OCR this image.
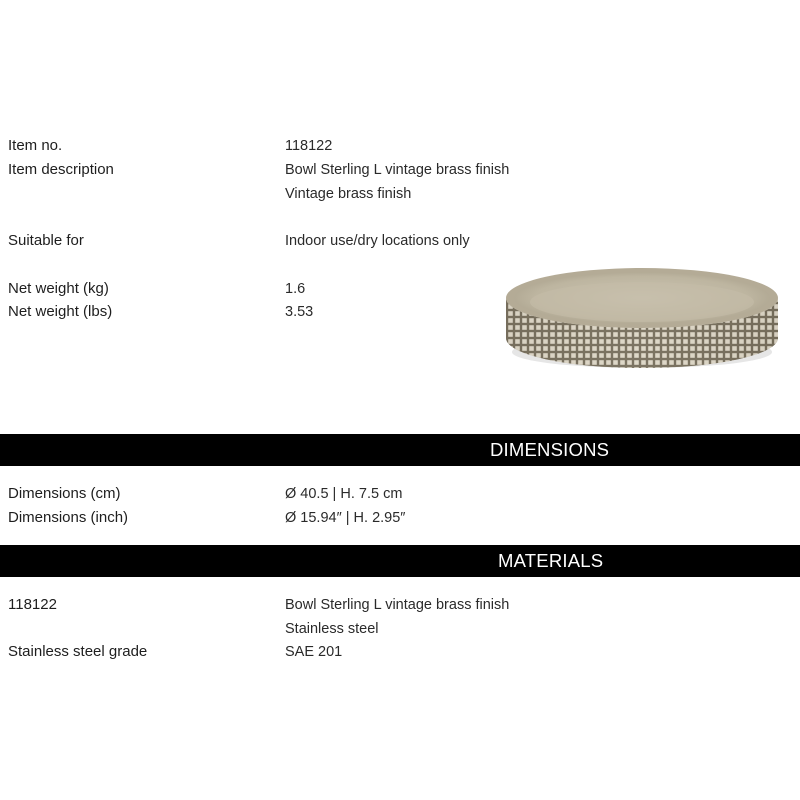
Item no.	118122
Item description	Bowl Sterling L vintage brass finish
Vintage brass finish
Suitable for	Indoor use/dry locations only
Net weight (kg)	1.6
Net weight (lbs)	3.53
DIMENSIONS
Dimensions (cm)	Ø 40.5 | H. 7.5 cm
Dimensions (inch)	Ø 15.94″ | H. 2.95″
MATERIALS
118122	Bowl Sterling L vintage brass finish
Stainless steel
Stainless steel grade	SAE 201
